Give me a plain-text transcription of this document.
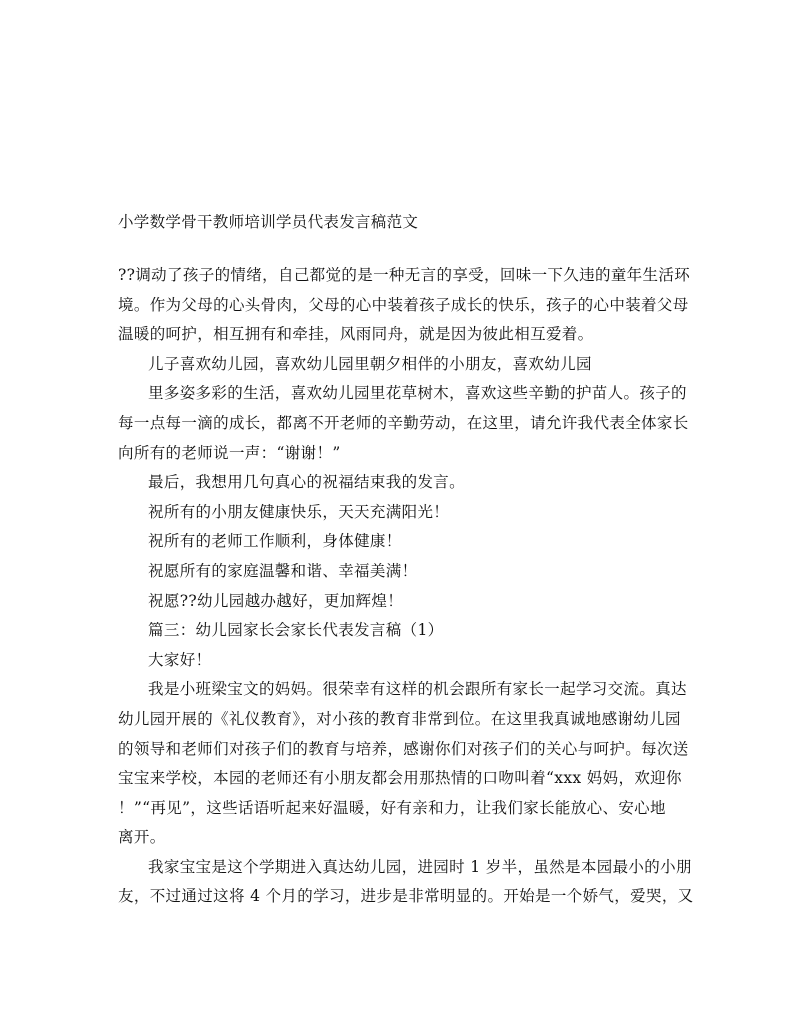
小学数学骨干教师培训学员代表发言稿范文
??调动了孩子的情绪，自己都觉的是一种无言的享受，回味一下久违的童年生活环
境。作为父母的心头骨肉，父母的心中装着孩子成长的快乐，孩子的心中装着父母
温暖的呵护，相互拥有和牵挂，风雨同舟，就是因为彼此相互爱着。
儿子喜欢幼儿园，喜欢幼儿园里朝夕相伴的小朋友，喜欢幼儿园
里多姿多彩的生活，喜欢幼儿园里花草树木，喜欢这些辛勤的护苗人。孩子的
每一点每一滴的成长，都离不开老师的辛勤劳动，在这里，请允许我代表全体家长
向所有的老师说一声：“谢谢！”
最后，我想用几句真心的祝福结束我的发言。
祝所有的小朋友健康快乐，天天充满阳光！
祝所有的老师工作顺利，身体健康！
祝愿所有的家庭温馨和谐、幸福美满！
祝愿??幼儿园越办越好，更加辉煌！
篇三：幼儿园家长会家长代表发言稿（1）
大家好！
我是小班梁宝文的妈妈。很荣幸有这样的机会跟所有家长一起学习交流。真达
幼儿园开展的《礼仪教育》，对小孩的教育非常到位。在这里我真诚地感谢幼儿园
的领导和老师们对孩子们的教育与培养，感谢你们对孩子们的关心与呵护。每次送
宝宝来学校，本园的老师还有小朋友都会用那热情的口吻叫着“xxx 妈妈，欢迎你
！”“再见”，这些话语听起来好温暖，好有亲和力，让我们家长能放心、安心地
离开。
我家宝宝是这个学期进入真达幼儿园，进园时 1 岁半，虽然是本园最小的小朋
友，不过通过这将 4 个月的学习，进步是非常明显的。开始是一个娇气，爱哭，又
